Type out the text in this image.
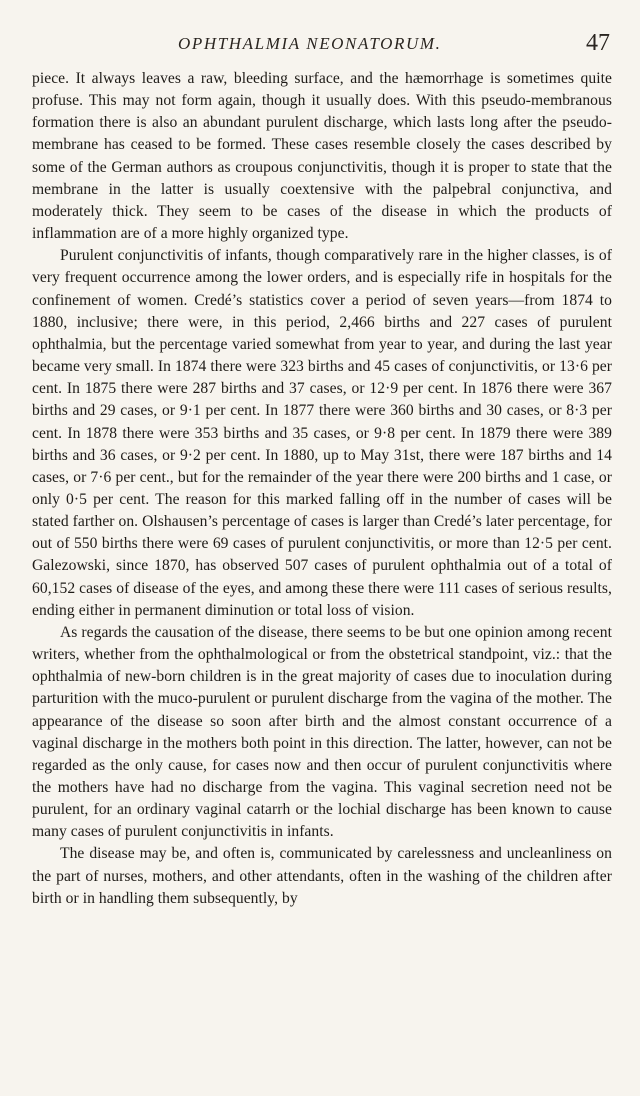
OPHTHALMIA NEONATORUM.	47

piece. It always leaves a raw, bleeding surface, and the hæmorrhage is sometimes quite profuse. This may not form again, though it usually does. With this pseudo-membranous formation there is also an abundant purulent discharge, which lasts long after the pseudo-membrane has ceased to be formed. These cases resemble closely the cases described by some of the German authors as croupous conjunctivitis, though it is proper to state that the membrane in the latter is usually coextensive with the palpebral conjunctiva, and moderately thick. They seem to be cases of the disease in which the products of inflammation are of a more highly organized type.

Purulent conjunctivitis of infants, though comparatively rare in the higher classes, is of very frequent occurrence among the lower orders, and is especially rife in hospitals for the confinement of women. Credé’s statistics cover a period of seven years—from 1874 to 1880, inclusive; there were, in this period, 2,466 births and 227 cases of purulent ophthalmia, but the percentage varied somewhat from year to year, and during the last year became very small. In 1874 there were 323 births and 45 cases of conjunctivitis, or 13·6 per cent. In 1875 there were 287 births and 37 cases, or 12·9 per cent. In 1876 there were 367 births and 29 cases, or 9·1 per cent. In 1877 there were 360 births and 30 cases, or 8·3 per cent. In 1878 there were 353 births and 35 cases, or 9·8 per cent. In 1879 there were 389 births and 36 cases, or 9·2 per cent. In 1880, up to May 31st, there were 187 births and 14 cases, or 7·6 per cent., but for the remainder of the year there were 200 births and 1 case, or only 0·5 per cent. The reason for this marked falling off in the number of cases will be stated farther on. Olshausen’s percentage of cases is larger than Credé’s later percentage, for out of 550 births there were 69 cases of purulent conjunctivitis, or more than 12·5 per cent. Galezowski, since 1870, has observed 507 cases of purulent ophthalmia out of a total of 60,152 cases of disease of the eyes, and among these there were 111 cases of serious results, ending either in permanent diminution or total loss of vision.

As regards the causation of the disease, there seems to be but one opinion among recent writers, whether from the ophthalmological or from the obstetrical standpoint, viz.: that the ophthalmia of new-born children is in the great majority of cases due to inoculation during parturition with the muco-purulent or purulent discharge from the vagina of the mother. The appearance of the disease so soon after birth and the almost constant occurrence of a vaginal discharge in the mothers both point in this direction. The latter, however, can not be regarded as the only cause, for cases now and then occur of purulent conjunctivitis where the mothers have had no discharge from the vagina. This vaginal secretion need not be purulent, for an ordinary vaginal catarrh or the lochial discharge has been known to cause many cases of purulent conjunctivitis in infants.

The disease may be, and often is, communicated by carelessness and uncleanliness on the part of nurses, mothers, and other attendants, often in the washing of the children after birth or in handling them subsequently, by
